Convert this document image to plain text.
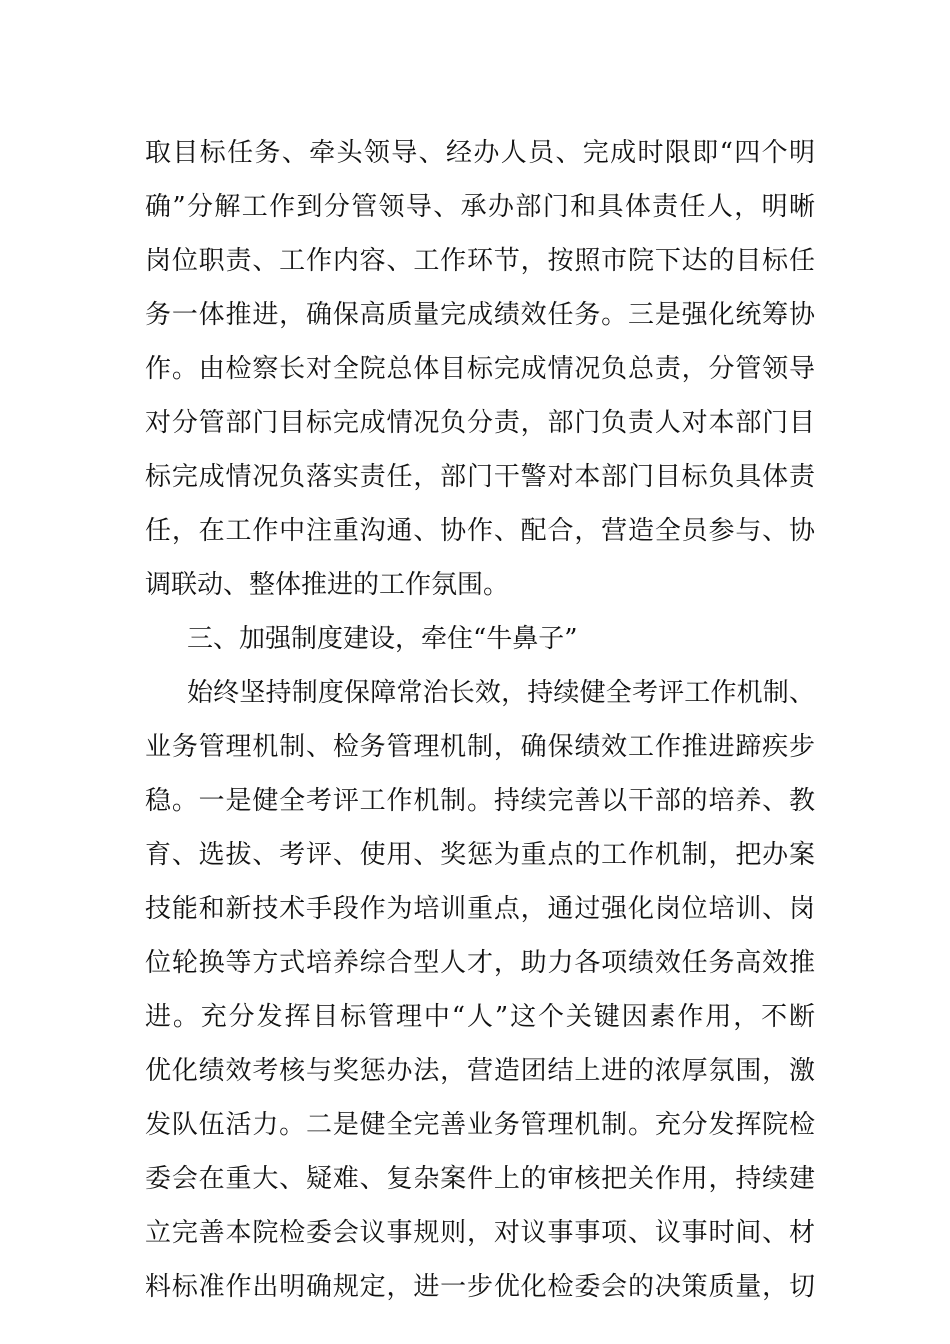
取目标任务、牵头领导、经办人员、完成时限即“四个明
确”分解工作到分管领导、承办部门和具体责任人，明晰
岗位职责、工作内容、工作环节，按照市院下达的目标任
务一体推进，确保高质量完成绩效任务。三是强化统筹协
作。由检察长对全院总体目标完成情况负总责，分管领导
对分管部门目标完成情况负分责，部门负责人对本部门目
标完成情况负落实责任，部门干警对本部门目标负具体责
任，在工作中注重沟通、协作、配合，营造全员参与、协
调联动、整体推进的工作氛围。
三、加强制度建设，牵住“牛鼻子”
始终坚持制度保障常治长效，持续健全考评工作机制、
业务管理机制、检务管理机制，确保绩效工作推进蹄疾步
稳。一是健全考评工作机制。持续完善以干部的培养、教
育、选拔、考评、使用、奖惩为重点的工作机制，把办案
技能和新技术手段作为培训重点，通过强化岗位培训、岗
位轮换等方式培养综合型人才，助力各项绩效任务高效推
进。充分发挥目标管理中“人”这个关键因素作用，不断
优化绩效考核与奖惩办法，营造团结上进的浓厚氛围，激
发队伍活力。二是健全完善业务管理机制。充分发挥院检
委会在重大、疑难、复杂案件上的审核把关作用，持续建
立完善本院检委会议事规则，对议事事项、议事时间、材
料标准作出明确规定，进一步优化检委会的决策质量，切
